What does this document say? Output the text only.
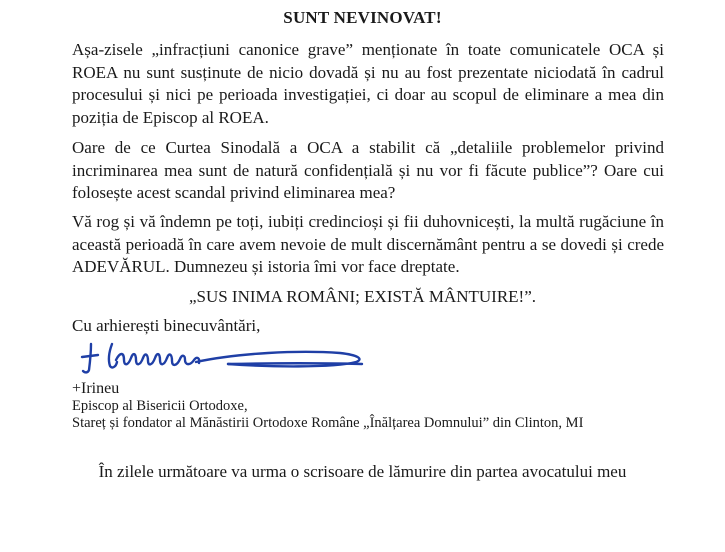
SUNT NEVINOVAT!

Așa-zisele „infracțiuni canonice grave” menționate în toate comunicatele OCA și ROEA nu sunt susținute de nicio dovadă și nu au fost prezentate niciodată în cadrul procesului și nici pe perioada investigației, ci doar au scopul de eliminare a mea din poziția de Episcop al ROEA.

Oare de ce Curtea Sinodală a OCA a stabilit că „detaliile problemelor privind incriminarea mea sunt de natură confidențială și nu vor fi făcute publice”? Oare cui folosește acest scandal privind eliminarea mea?

Vă rog și vă îndemn pe toți, iubiți credincioși și fii duhovnicești, la multă rugăciune în această perioadă în care avem nevoie de mult discernământ pentru a se dovedi și crede ADEVĂRUL. Dumnezeu și istoria îmi vor face dreptate.

„SUS INIMA ROMÂNI; EXISTĂ MÂNTUIRE!”.
Cu arhierești binecuvântări,
+Irineu
Episcop al Bisericii Ortodoxe,
Stareț și fondator al Mănăstirii Ortodoxe Române „Înălțarea Domnului” din Clinton, MI
În zilele următoare va urma o scrisoare de lămurire din partea avocatului meu
